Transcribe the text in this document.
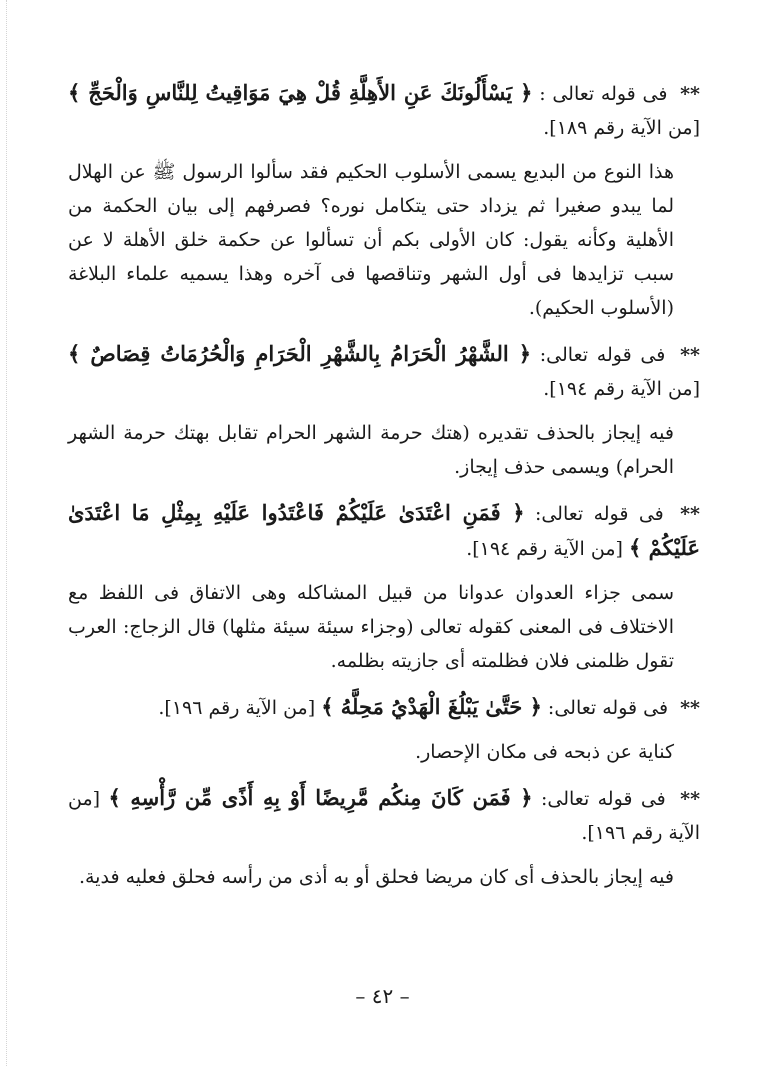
** فى قوله تعالى : ﴿ يَسْأَلُونَكَ عَنِ الأَهِلَّةِ قُلْ هِيَ مَوَاقِيتُ لِلنَّاسِ وَالْحَجِّ ﴾ [من الآية رقم ١٨٩].

هذا النوع من البديع يسمى الأسلوب الحكيم فقد سألوا الرسول ﷺ عن الهلال لما يبدو صغيرا ثم يزداد حتى يتكامل نوره؟ فصرفهم إلى بيان الحكمة من الأهلية وكأنه يقول: كان الأولى بكم أن تسألوا عن حكمة خلق الأهلة لا عن سبب تزايدها فى أول الشهر وتناقصها فى آخره وهذا يسميه علماء البلاغة (الأسلوب الحكيم).

** فى قوله تعالى: ﴿ الشَّهْرُ الْحَرَامُ بِالشَّهْرِ الْحَرَامِ وَالْحُرُمَاتُ قِصَاصٌ ﴾ [من الآية رقم ١٩٤].

فيه إيجاز بالحذف تقديره (هتك حرمة الشهر الحرام تقابل بهتك حرمة الشهر الحرام) ويسمى حذف إيجاز.

** فى قوله تعالى: ﴿ فَمَنِ اعْتَدَىٰ عَلَيْكُمْ فَاعْتَدُوا عَلَيْهِ بِمِثْلِ مَا اعْتَدَىٰ عَلَيْكُمْ ﴾ [من الآية رقم ١٩٤].

سمى جزاء العدوان عدوانا من قبيل المشاكله وهى الاتفاق فى اللفظ مع الاختلاف فى المعنى كقوله تعالى (وجزاء سيئة سيئة مثلها) قال الزجاج: العرب تقول ظلمنى فلان فظلمته أى جازيته بظلمه.

** فى قوله تعالى: ﴿ حَتَّىٰ يَبْلُغَ الْهَدْيُ مَحِلَّهُ ﴾ [من الآية رقم ١٩٦].

كناية عن ذبحه فى مكان الإحصار.

** فى قوله تعالى: ﴿ فَمَن كَانَ مِنكُم مَّرِيضًا أَوْ بِهِ أَذًى مِّن رَّأْسِهِ ﴾ [من الآية رقم ١٩٦].

فيه إيجاز بالحذف أى كان مريضا فحلق أو به أذى من رأسه فحلق فعليه فدية.

– ٤٢ –
